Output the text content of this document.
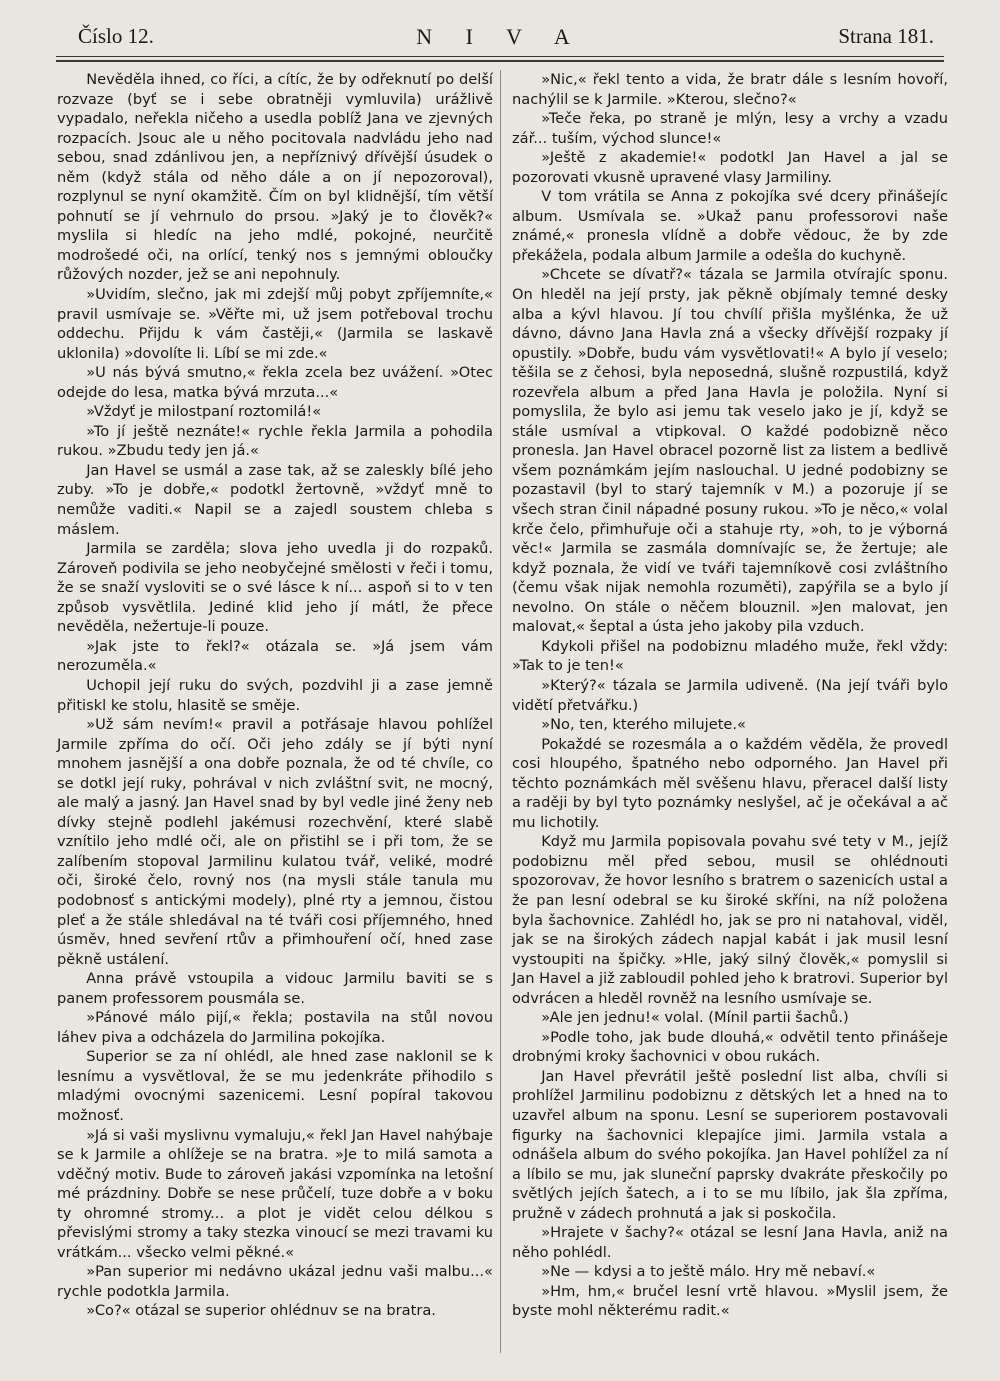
Číslo 12.	N I V A	Strana 181.

Nevěděla ihned, co říci, a cítíc, že by odřeknutí po delší rozvaze (byť se i sebe obratněji vymluvila) urážlivě vypadalo, neřekla ničeho a usedla poblíž Jana ve zjevných rozpacích. Jsouc ale u něho pocitovala nadvládu jeho nad sebou, snad zdánlivou jen, a nepříznivý dřívější úsudek o něm (když stála od něho dále a on jí nepozoroval), rozplynul se nyní okamžitě. Čím on byl klidnější, tím větší pohnutí se jí vehrnulo do prsou. »Jaký je to člověk?« myslila si hledíc na jeho mdlé, pokojné, neurčitě modrošedé oči, na orlící, tenký nos s jemnými obloučky růžových nozder, jež se ani nepohnuly.

»Uvidím, slečno, jak mi zdejší můj pobyt zpříjemníte,« pravil usmívaje se. »Věřte mi, už jsem potřeboval trochu oddechu. Přijdu k vám častěji,« (Jarmila se laskavě uklonila) »dovolíte li. Líbí se mi zde.«

»U nás bývá smutno,« řekla zcela bez uvážení. »Otec odejde do lesa, matka bývá mrzuta...«

»Vždyť je milostpaní roztomilá!«

»To jí ještě neznáte!« rychle řekla Jarmila a pohodila rukou. »Zbudu tedy jen já.«

Jan Havel se usmál a zase tak, až se zaleskly bílé jeho zuby. »To je dobře,« podotkl žertovně, »vždyť mně to nemůže vaditi.« Napil se a zajedl soustem chleba s máslem.

Jarmila se zarděla; slova jeho uvedla ji do rozpaků. Zároveň podivila se jeho neobyčejné smělosti v řeči i tomu, že se snaží vysloviti se o své lásce k ní... aspoň si to v ten způsob vysvětlila. Jediné klid jeho jí mátl, že přece nevěděla, nežertuje-li pouze.

»Jak jste to řekl?« otázala se. »Já jsem vám nerozuměla.«

Uchopil její ruku do svých, pozdvihl ji a zase jemně přitiskl ke stolu, hlasitě se směje.

»Už sám nevím!« pravil a potřásaje hlavou pohlížel Jarmile zpříma do očí. Oči jeho zdály se jí býti nyní mnohem jasnější a ona dobře poznala, že od té chvíle, co se dotkl její ruky, pohrával v nich zvláštní svit, ne mocný, ale malý a jasný. Jan Havel snad by byl vedle jiné ženy neb dívky stejně podlehl jakémusi rozechvění, které slabě vznítilo jeho mdlé oči, ale on přistihl se i při tom, že se zalíbením stopoval Jarmilinu kulatou tvář, veliké, modré oči, široké čelo, rovný nos (na mysli stále tanula mu podobnosť s antickými modely), plné rty a jemnou, čistou pleť a že stále shledával na té tváři cosi příjemného, hned úsměv, hned sevření rtův a přimhouření očí, hned zase pěkně ustálení.

Anna právě vstoupila a vidouc Jarmilu baviti se s panem professorem pousmála se.

»Pánové málo pijí,« řekla; postavila na stůl novou láhev piva a odcházela do Jarmilina pokojíka.

Superior se za ní ohlédl, ale hned zase naklonil se k lesnímu a vysvětloval, že se mu jedenkráte přihodilo s mladými ovocnými sazenicemi. Lesní popíral takovou možnosť.

»Já si vaši myslivnu vymaluju,« řekl Jan Havel nahýbaje se k Jarmile a ohlížeje se na bratra. »Je to milá samota a vděčný motiv. Bude to zároveň jakási vzpomínka na letošní mé prázdniny. Dobře se nese průčelí, tuze dobře a v boku ty ohromné stromy... a plot je vidět celou délkou s převislými stromy a taky stezka vinoucí se mezi travami ku vrátkám... všecko velmi pěkné.«

»Pan superior mi nedávno ukázal jednu vaši malbu...« rychle podotkla Jarmila.

»Co?« otázal se superior ohlédnuv se na bratra.

»Nic,« řekl tento a vida, že bratr dále s lesním hovoří, nachýlil se k Jarmile. »Kterou, slečno?«

»Teče řeka, po straně je mlýn, lesy a vrchy a vzadu zář... tuším, východ slunce!«

»Ještě z akademie!« podotkl Jan Havel a jal se pozorovati vkusně upravené vlasy Jarmiliny.

V tom vrátila se Anna z pokojíka své dcery přinášejíc album. Usmívala se. »Ukaž panu professorovi naše známé,« pronesla vlídně a dobře vědouc, že by zde překážela, podala album Jarmile a odešla do kuchyně.

»Chcete se dívatř?« tázala se Jarmila otvírajíc sponu. On hleděl na její prsty, jak pěkně objímaly temné desky alba a kývl hlavou. Jí tou chvílí přišla myšlénka, že už dávno, dávno Jana Havla zná a všecky dřívější rozpaky jí opustily. »Dobře, budu vám vysvětlovati!« A bylo jí veselo; těšila se z čehosi, byla neposedná, slušně rozpustilá, když rozevřela album a před Jana Havla je položila. Nyní si pomyslila, že bylo asi jemu tak veselo jako je jí, když se stále usmíval a vtipkoval. O každé podobizně něco pronesla. Jan Havel obracel pozorně list za listem a bedlivě všem poznámkám jejím naslouchal. U jedné podobizny se pozastavil (byl to starý tajemník v M.) a pozoruje jí se všech stran činil nápadné posuny rukou. »To je něco,« volal krče čelo, přimhuřuje oči a stahuje rty, »oh, to je výborná věc!« Jarmila se zasmála domnívajíc se, že žertuje; ale když poznala, že vidí ve tváři tajemníkově cosi zvláštního (čemu však nijak nemohla rozuměti), zapýřila se a bylo jí nevolno. On stále o něčem blouznil. »Jen malovat, jen malovat,« šeptal a ústa jeho jakoby pila vzduch.

Kdykoli přišel na podobiznu mladého muže, řekl vždy: »Tak to je ten!«

»Který?« tázala se Jarmila udiveně. (Na její tváři bylo vidětí přetvářku.)

»No, ten, kterého milujete.«

Pokaždé se rozesmála a o každém věděla, že provedl cosi hloupého, špatného nebo odporného. Jan Havel při těchto poznámkách měl svěšenu hlavu, přeracel další listy a raději by byl tyto poznámky neslyšel, ač je očekával a ač mu lichotily.

Když mu Jarmila popisovala povahu své tety v M., jejíž podobiznu měl před sebou, musil se ohlédnouti spozorovav, že hovor lesního s bratrem o sazenicích ustal a že pan lesní odebral se ku široké skříni, na níž položena byla šachovnice. Zahlédl ho, jak se pro ni natahoval, viděl, jak se na širokých zádech napjal kabát i jak musil lesní vystoupiti na špičky. »Hle, jaký silný člověk,« pomyslil si Jan Havel a již zabloudil pohled jeho k bratrovi. Superior byl odvrácen a hleděl rovněž na lesního usmívaje se.

»Ale jen jednu!« volal. (Mínil partii šachů.)

»Podle toho, jak bude dlouhá,« odvětil tento přinášeje drobnými kroky šachovnici v obou rukách.

Jan Havel převrátil ještě poslední list alba, chvíli si prohlížel Jarmilinu podobiznu z dětských let a hned na to uzavřel album na sponu. Lesní se superiorem postavovali figurky na šachovnici klepajíce jimi. Jarmila vstala a odnášela album do svého pokojíka. Jan Havel pohlížel za ní a líbilo se mu, jak sluneční paprsky dvakráte přeskočily po světlých jejích šatech, a i to se mu líbilo, jak šla zpříma, pružně v zádech prohnutá a jak si poskočila.

»Hrajete v šachy?« otázal se lesní Jana Havla, aniž na něho pohlédl.

»Ne — kdysi a to ještě málo. Hry mě nebaví.«

»Hm, hm,« bručel lesní vrtě hlavou. »Myslil jsem, že byste mohl některému radit.«
